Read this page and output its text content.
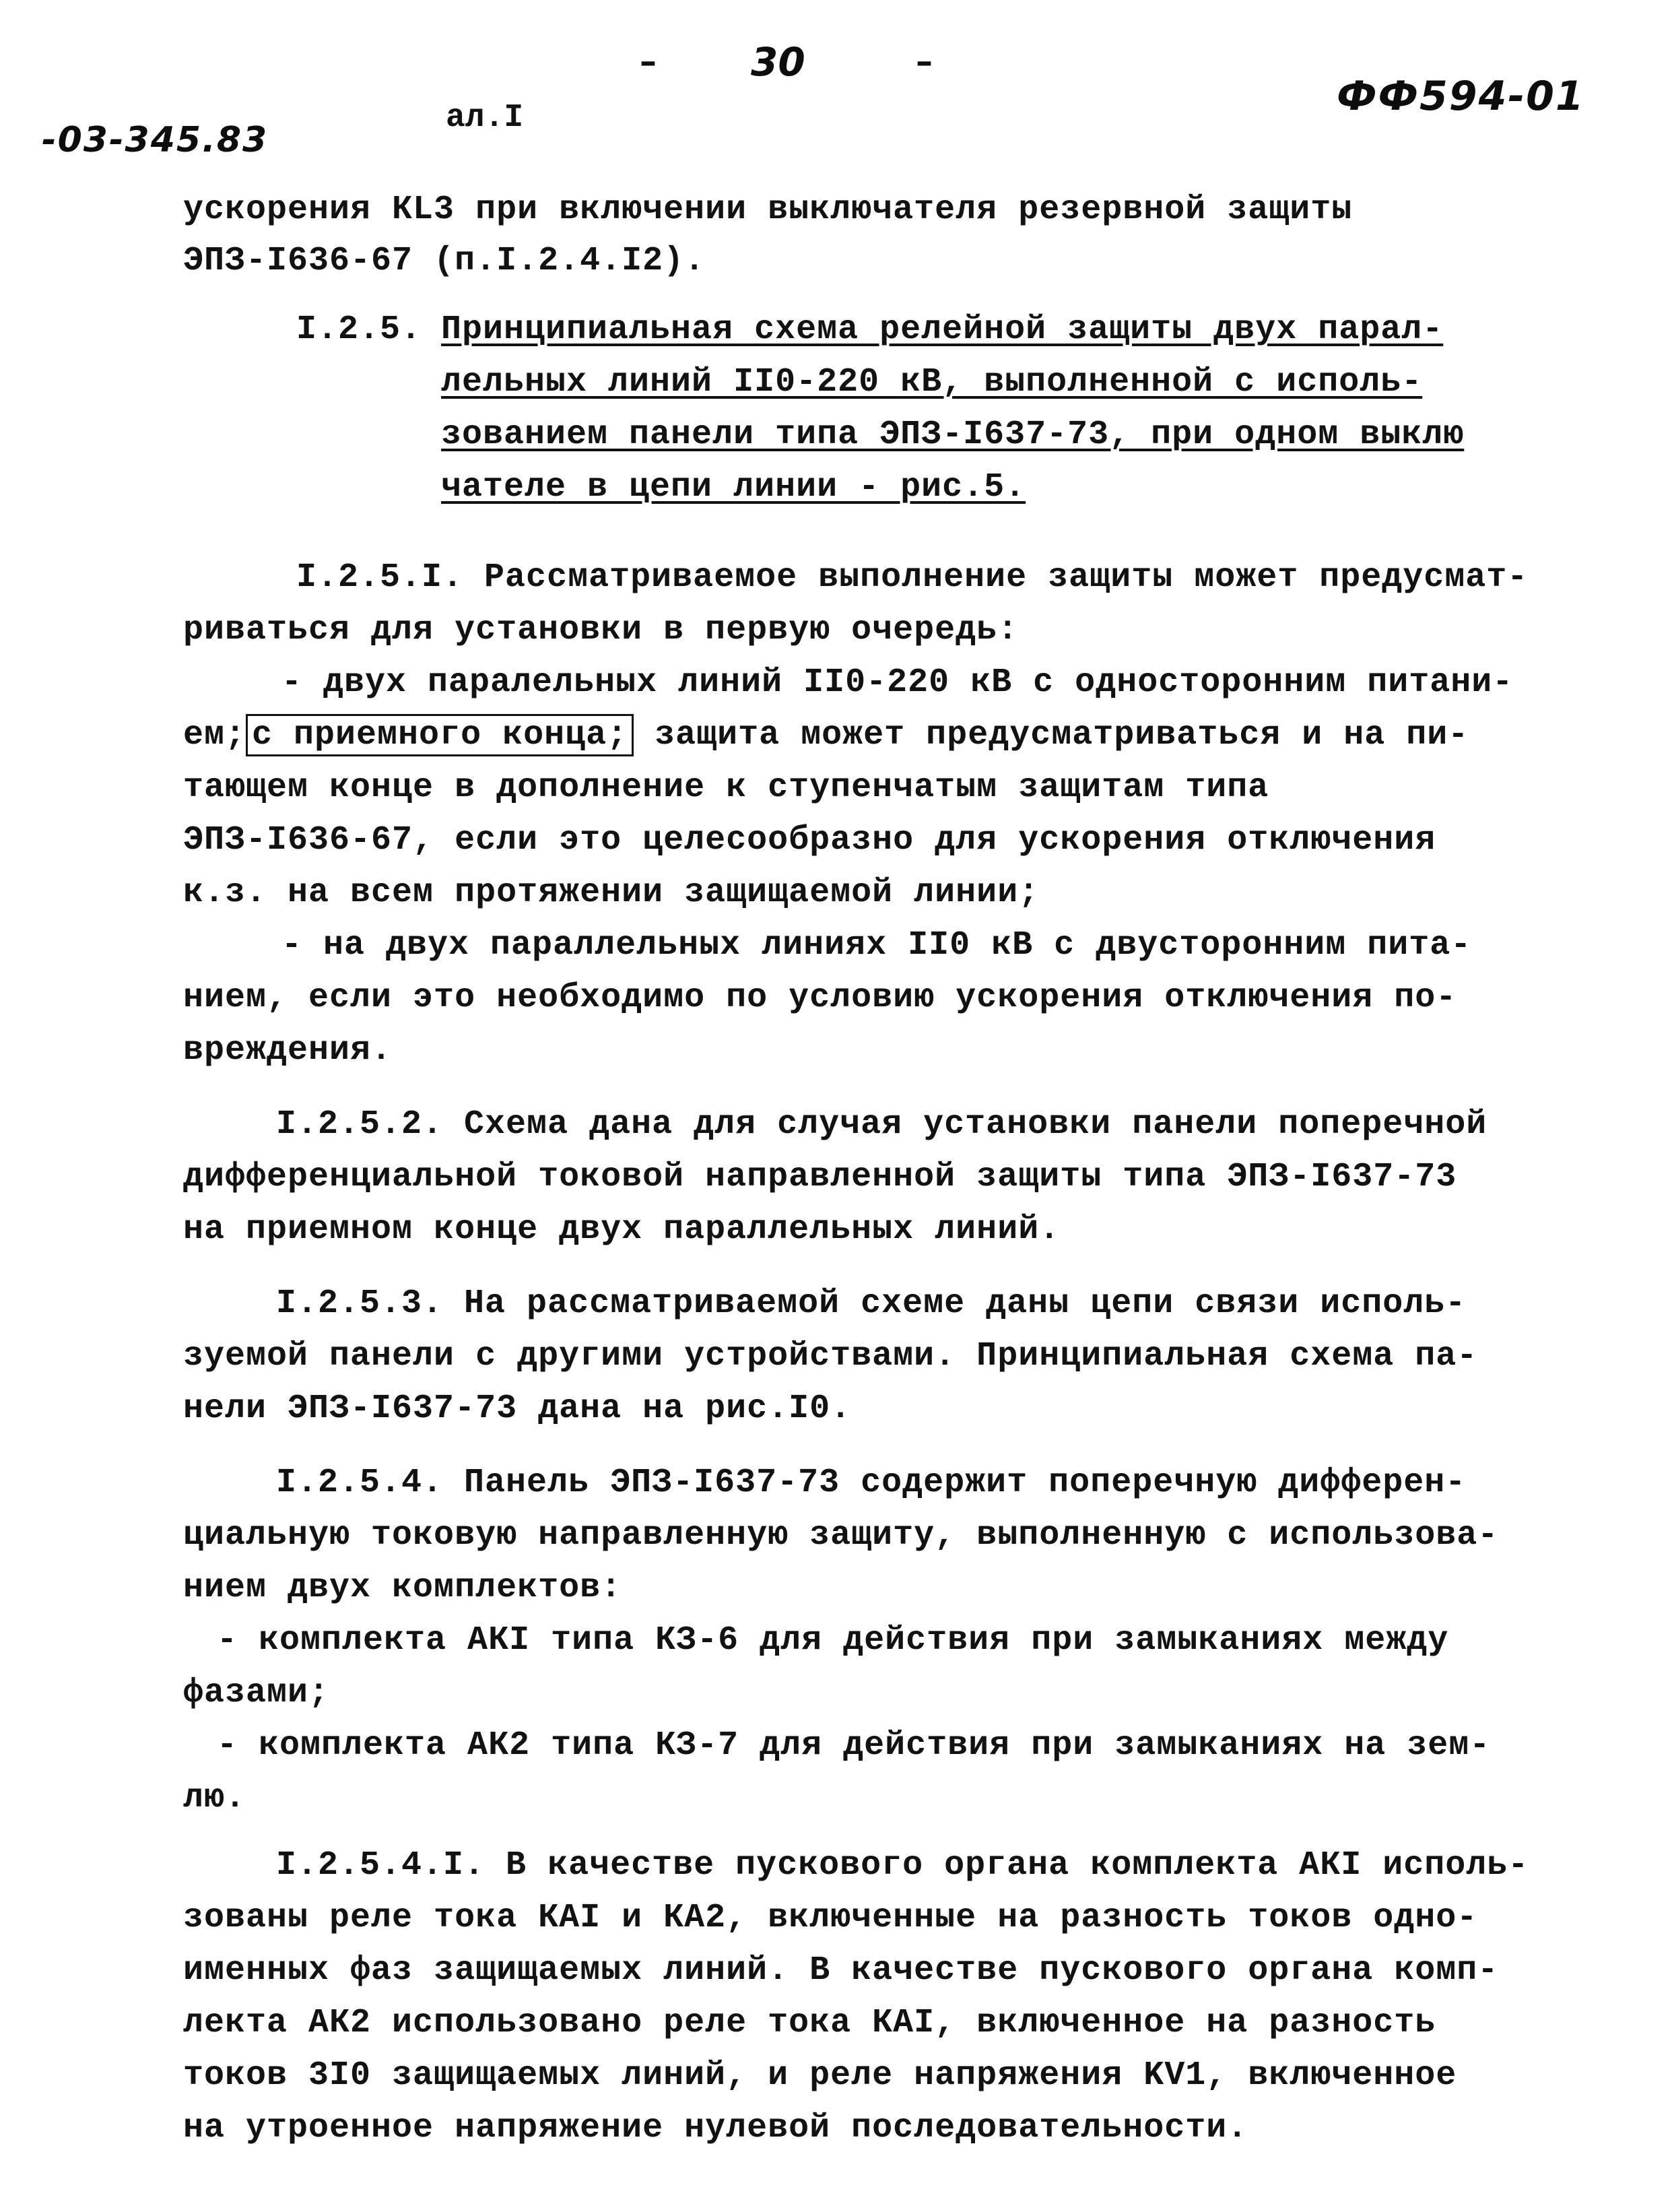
– 30	–
ФФ594-01
-03-345.83
ал.I
ускорения КL3 при включении выключателя резервной защиты
ЭПЗ-I636-67 (п.I.2.4.I2).
I.2.5. Принципиальная схема релейной защиты двух парал-
лельных линий II0-220 кВ, выполненной с исполь-
зованием панели типа ЭПЗ-I637-73, при одном выклю
чателе в цепи линии - рис.5.
I.2.5.I. Рассматриваемое выполнение защиты может предусмат-
риваться для установки в первую очередь:
- двух паралельных линий II0-220 кВ с односторонним питани-
ем; с приемного конца; защита может предусматриваться и на пи-
тающем конце в дополнение к ступенчатым защитам типа
ЭПЗ-I636-67, если это целесообразно для ускорения отключения
к.з. на всем протяжении защищаемой линии;
- на двух параллельных линиях II0 кВ с двусторонним пита-
нием, если это необходимо по условию ускорения отключения по-
вреждения.
I.2.5.2. Схема дана для случая установки панели поперечной
дифференциальной токовой направленной защиты типа ЭПЗ-I637-73
на приемном конце двух параллельных линий.
I.2.5.3. На рассматриваемой схеме даны цепи связи исполь-
зуемой панели с другими устройствами. Принципиальная схема па-
нели ЭПЗ-I637-73 дана на рис.I0.
I.2.5.4. Панель ЭПЗ-I637-73 содержит поперечную дифферен-
циальную токовую направленную защиту, выполненную с использова-
нием двух комплектов:
- комплекта АКI типа КЗ-6 для действия при замыканиях между
фазами;
- комплекта АК2 типа КЗ-7 для действия при замыканиях на зем-
лю.
I.2.5.4.I. В качестве пускового органа комплекта АКI исполь-
зованы реле тока КАI и КА2, включенные на разность токов одно-
именных фаз защищаемых линий. В качестве пускового органа комп-
лекта АК2 использовано реле тока КАI, включенное на разность
токов 3I0 защищаемых линий, и реле напряжения KV1, включенное
на утроенное напряжение нулевой последовательности.
